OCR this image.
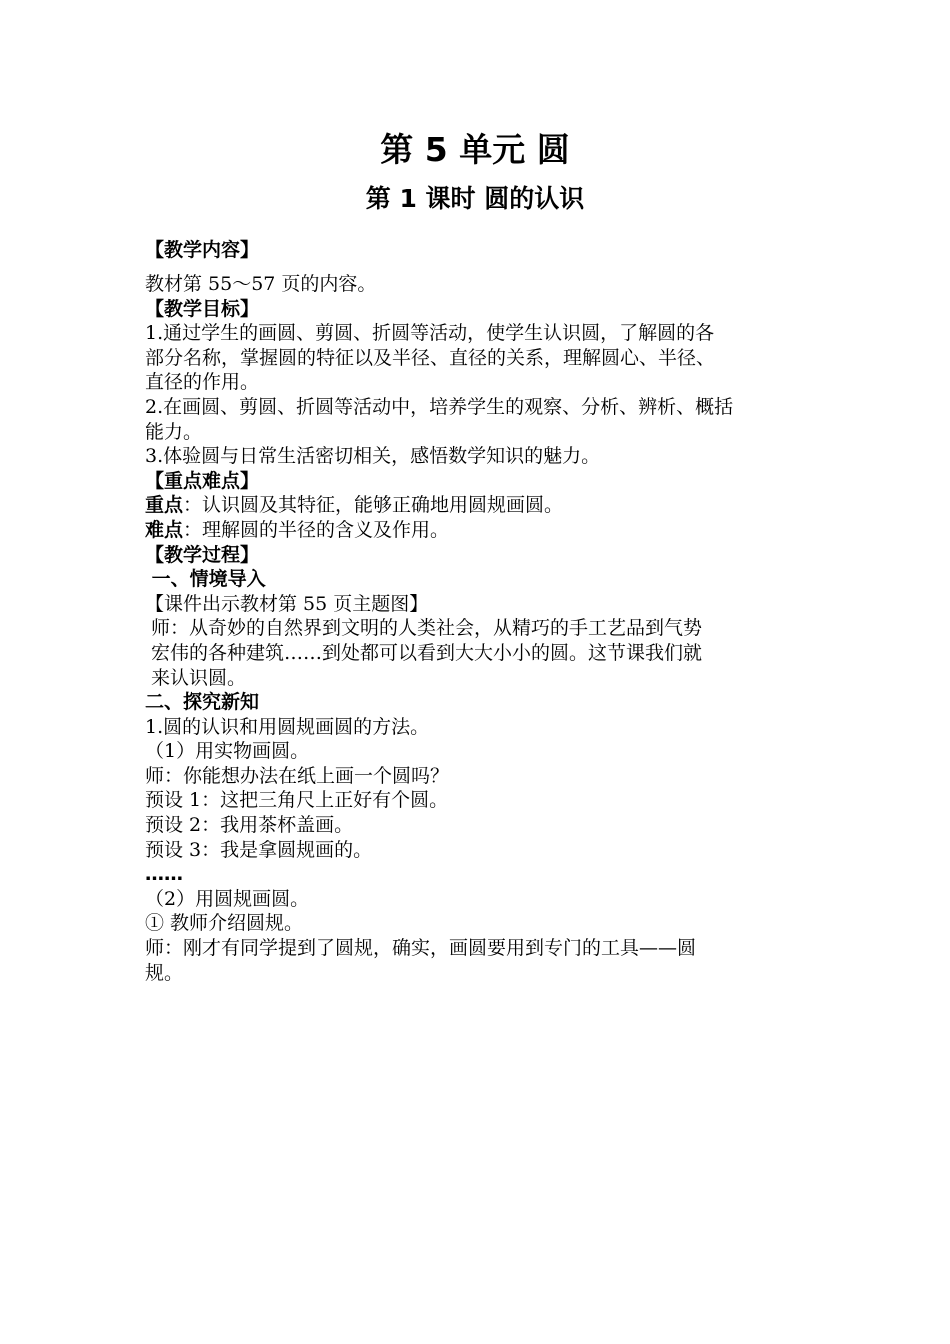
第 5 单元 圆
第 1 课时 圆的认识

【教学内容】

教材第 55～57 页的内容。

【教学目标】

1.通过学生的画圆、剪圆、折圆等活动，使学生认识圆，了解圆的各

部分名称，掌握圆的特征以及半径、直径的关系，理解圆心、半径、

直径的作用。

2.在画圆、剪圆、折圆等活动中，培养学生的观察、分析、辨析、概括

能力。

3.体验圆与日常生活密切相关，感悟数学知识的魅力。

【重点难点】

重点：认识圆及其特征，能够正确地用圆规画圆。

难点：理解圆的半径的含义及作用。

【教学过程】

一、情境导入

【课件出示教材第 55 页主题图】

师：从奇妙的自然界到文明的人类社会，从精巧的手工艺品到气势

宏伟的各种建筑……到处都可以看到大大小小的圆。这节课我们就

来认识圆。

二、探究新知

1.圆的认识和用圆规画圆的方法。

（1）用实物画圆。

师：你能想办法在纸上画一个圆吗？

预设 1：这把三角尺上正好有个圆。

预设 2：我用茶杯盖画。

预设 3：我是拿圆规画的。

……

（2）用圆规画圆。

① 教师介绍圆规。

师：刚才有同学提到了圆规，确实，画圆要用到专门的工具——圆

规。
